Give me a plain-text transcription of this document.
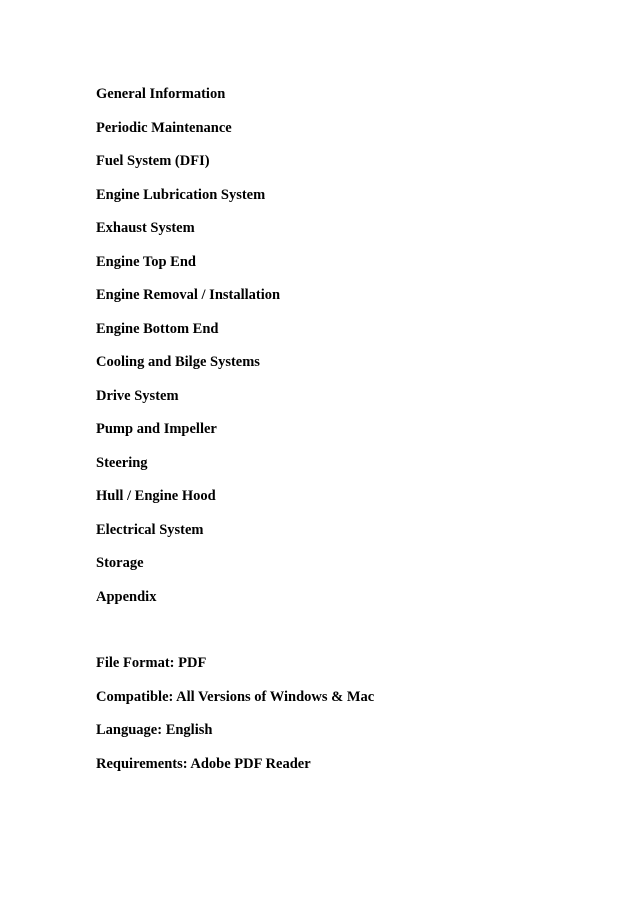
General Information
Periodic Maintenance
Fuel System (DFI)
Engine Lubrication System
Exhaust System
Engine Top End
Engine Removal / Installation
Engine Bottom End
Cooling and Bilge Systems
Drive System
Pump and Impeller
Steering
Hull / Engine Hood
Electrical System
Storage
Appendix
File Format: PDF
Compatible: All Versions of Windows & Mac
Language: English
Requirements: Adobe PDF Reader
